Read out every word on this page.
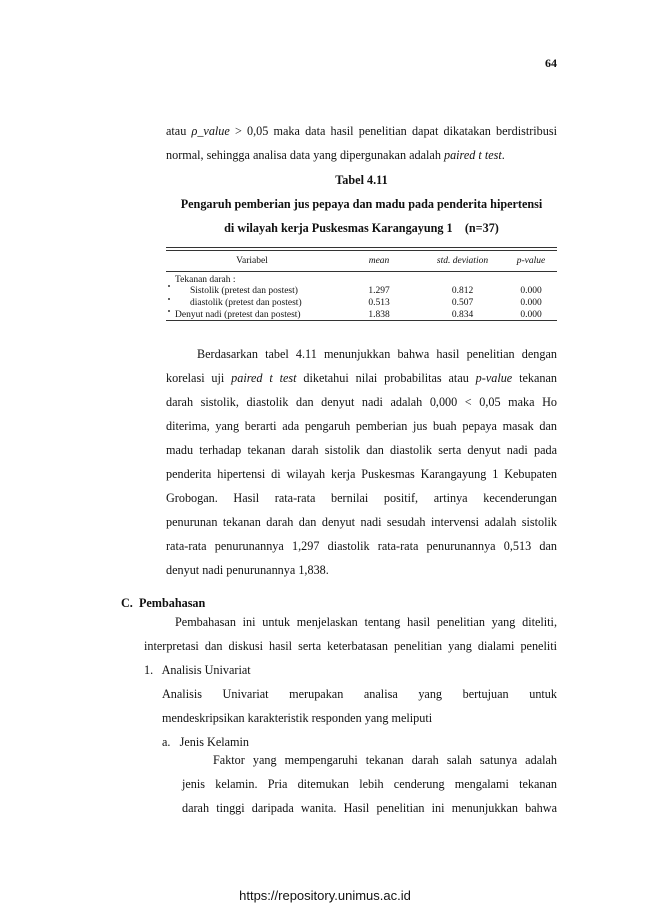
64
atau ρ_value > 0,05 maka data hasil penelitian dapat dikatakan berdistribusi
normal, sehingga analisa data yang dipergunakan adalah paired t test.
Tabel 4.11
Pengaruh pemberian jus pepaya dan madu pada penderita hipertensi
di wilayah kerja Puskesmas Karangayung 1    (n=37)
Variabel	mean	std. deviation	p-value
Tekanan darah :
Sistolik (pretest dan postest)	1.297	0.812	0.000
diastolik (pretest dan postest)	0.513	0.507	0.000
Denyut nadi (pretest dan postest)	1.838	0.834	0.000
Berdasarkan tabel 4.11 menunjukkan bahwa hasil penelitian dengan
korelasi uji paired t test diketahui nilai probabilitas atau p-value tekanan
darah sistolik, diastolik dan denyut nadi adalah 0,000 < 0,05 maka Ho
diterima, yang berarti ada pengaruh pemberian jus buah pepaya masak dan
madu terhadap tekanan darah sistolik dan diastolik serta denyut nadi pada
penderita hipertensi di wilayah kerja Puskesmas Karangayung 1 Kebupaten
Grobogan. Hasil rata-rata bernilai positif, artinya kecenderungan
penurunan tekanan darah dan denyut nadi sesudah intervensi adalah sistolik
rata-rata penurunannya 1,297 diastolik rata-rata penurunannya 0,513 dan
denyut nadi penurunannya 1,838.
C.  Pembahasan
Pembahasan ini untuk menjelaskan tentang hasil penelitian yang diteliti,
interpretasi dan diskusi hasil serta keterbatasan penelitian yang dialami peneliti
1.   Analisis Univariat
Analisis Univariat merupakan analisa yang bertujuan untuk
mendeskripsikan karakteristik responden yang meliputi
a.   Jenis Kelamin
Faktor yang mempengaruhi tekanan darah salah satunya adalah
jenis kelamin. Pria ditemukan lebih cenderung mengalami tekanan
darah tinggi daripada wanita. Hasil penelitian ini menunjukkan bahwa
https://repository.unimus.ac.id
